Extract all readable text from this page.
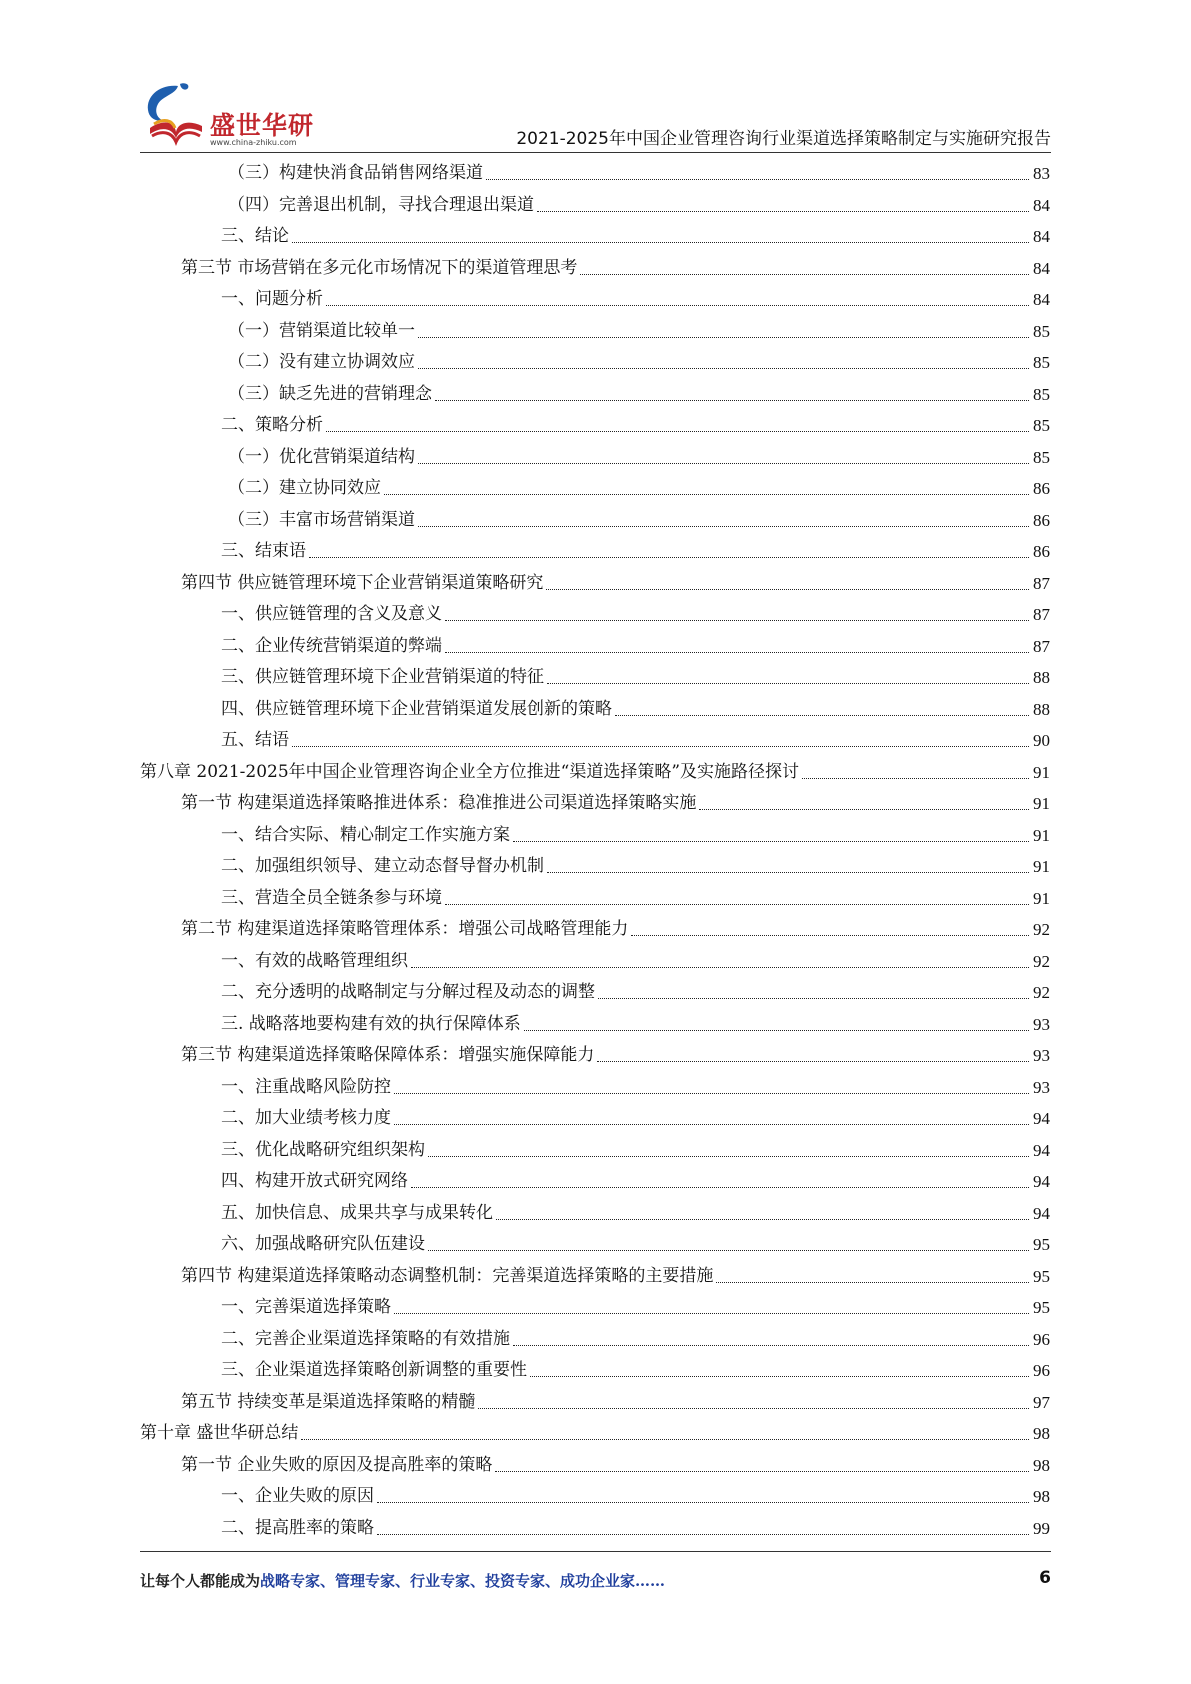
盛世华研
www.china-zhiku.com	2021-2025年中国企业管理咨询行业渠道选择策略制定与实施研究报告
（三）构建快消食品销售网络渠道	83
（四）完善退出机制，寻找合理退出渠道	84
三、结论	84
第三节 市场营销在多元化市场情况下的渠道管理思考	84
一、问题分析	84
（一）营销渠道比较单一	85
（二）没有建立协调效应	85
（三）缺乏先进的营销理念	85
二、策略分析	85
（一）优化营销渠道结构	85
（二）建立协同效应	86
（三）丰富市场营销渠道	86
三、结束语	86
第四节 供应链管理环境下企业营销渠道策略研究	87
一、供应链管理的含义及意义	87
二、企业传统营销渠道的弊端	87
三、供应链管理环境下企业营销渠道的特征	88
四、供应链管理环境下企业营销渠道发展创新的策略	88
五、结语	90
第八章 2021-2025年中国企业管理咨询企业全方位推进“渠道选择策略”及实施路径探讨	91
第一节 构建渠道选择策略推进体系：稳准推进公司渠道选择策略实施	91
一、结合实际、精心制定工作实施方案	91
二、加强组织领导、建立动态督导督办机制	91
三、营造全员全链条参与环境	91
第二节 构建渠道选择策略管理体系：增强公司战略管理能力	92
一、有效的战略管理组织	92
二、充分透明的战略制定与分解过程及动态的调整	92
三. 战略落地要构建有效的执行保障体系	93
第三节 构建渠道选择策略保障体系：增强实施保障能力	93
一、注重战略风险防控	93
二、加大业绩考核力度	94
三、优化战略研究组织架构	94
四、构建开放式研究网络	94
五、加快信息、成果共享与成果转化	94
六、加强战略研究队伍建设	95
第四节 构建渠道选择策略动态调整机制：完善渠道选择策略的主要措施	95
一、完善渠道选择策略	95
二、完善企业渠道选择策略的有效措施	96
三、企业渠道选择策略创新调整的重要性	96
第五节 持续变革是渠道选择策略的精髓	97
第十章 盛世华研总结	98
第一节 企业失败的原因及提高胜率的策略	98
一、企业失败的原因	98
二、提高胜率的策略	99
让每个人都能成为战略专家、管理专家、行业专家、投资专家、成功企业家……	6
